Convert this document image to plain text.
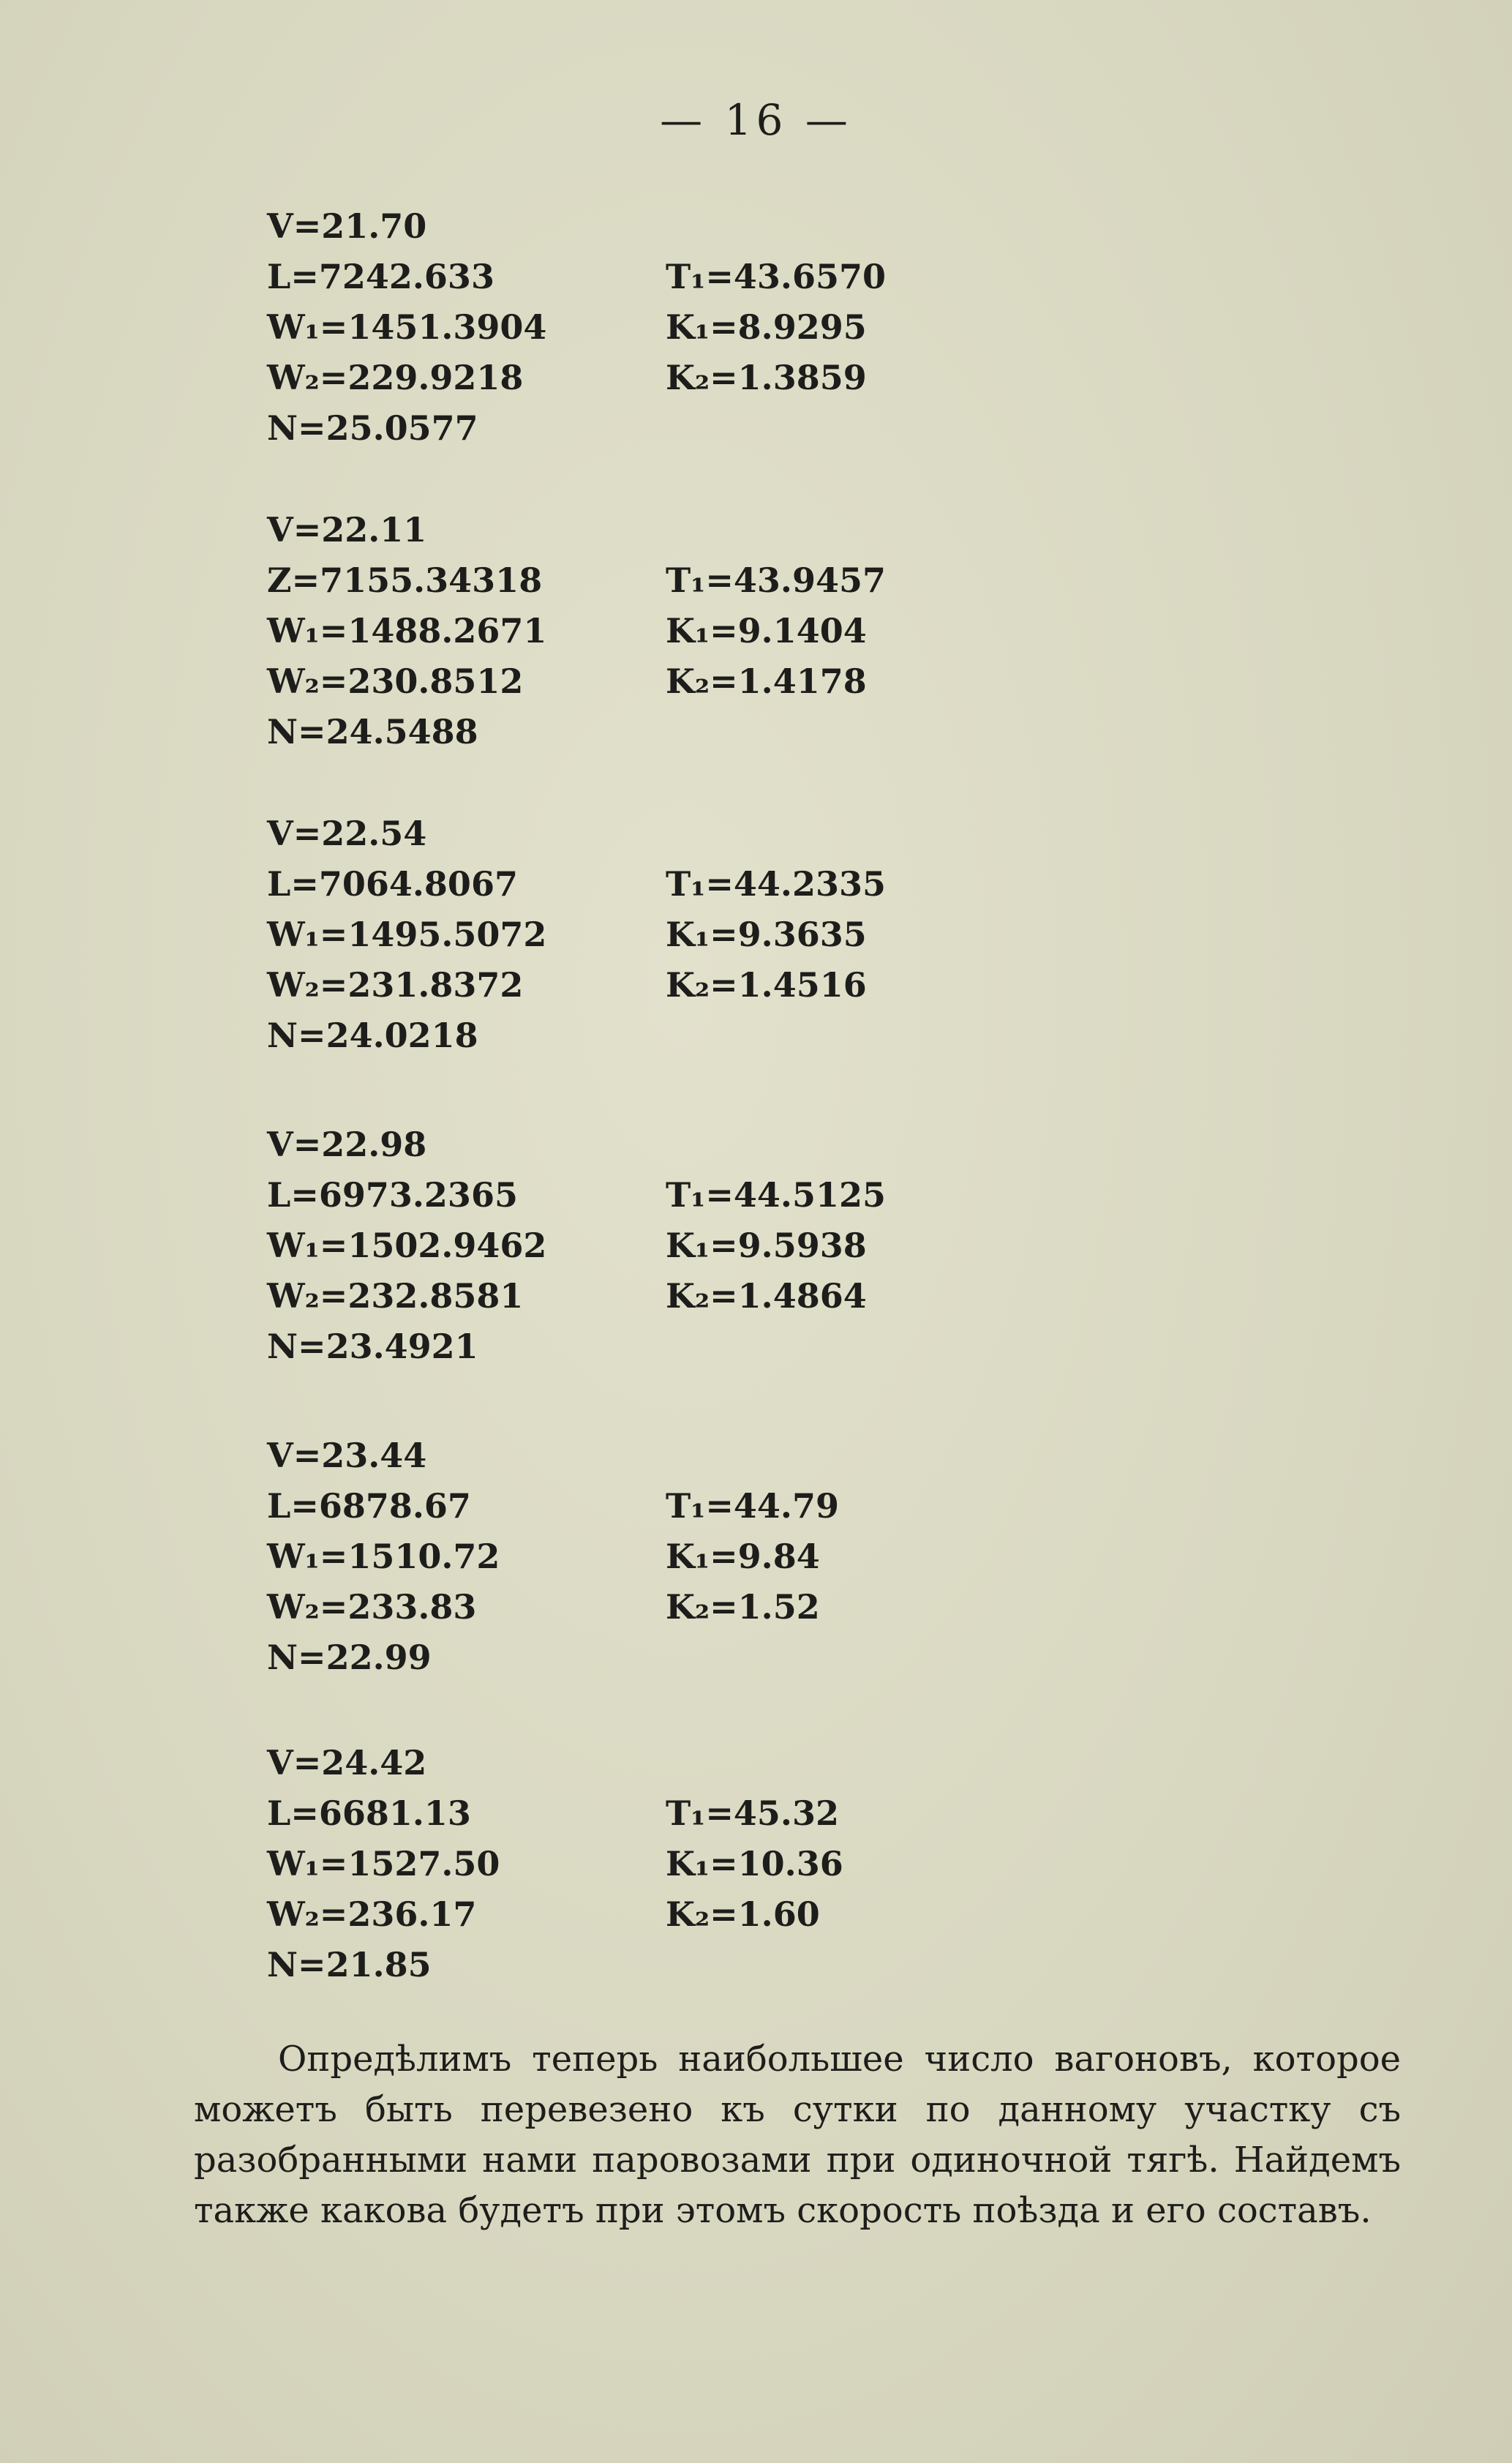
— 16 —
V=21.70
L=7242.633
W₁=1451.3904
W₂=229.9218
N=25.0577
T₁=43.6570
K₁=8.9295
K₂=1.3859
V=22.11
Z=7155.34318
W₁=1488.2671
W₂=230.8512
N=24.5488
T₁=43.9457
K₁=9.1404
K₂=1.4178
V=22.54
L=7064.8067
W₁=1495.5072
W₂=231.8372
N=24.0218
T₁=44.2335
K₁=9.3635
K₂=1.4516
V=22.98
L=6973.2365
W₁=1502.9462
W₂=232.8581
N=23.4921
T₁=44.5125
K₁=9.5938
K₂=1.4864
V=23.44
L=6878.67
W₁=1510.72
W₂=233.83
N=22.99
T₁=44.79
K₁=9.84
K₂=1.52
V=24.42
L=6681.13
W₁=1527.50
W₂=236.17
N=21.85
T₁=45.32
K₁=10.36
K₂=1.60
Опредѣлимъ теперь наибольшее число вагоновъ, которое можетъ быть перевезено къ сутки по данному участку съ разобранными нами паровозами при одиночной тягѣ. Найдемъ также какова будетъ при этомъ скорость поѣзда и его составъ.
